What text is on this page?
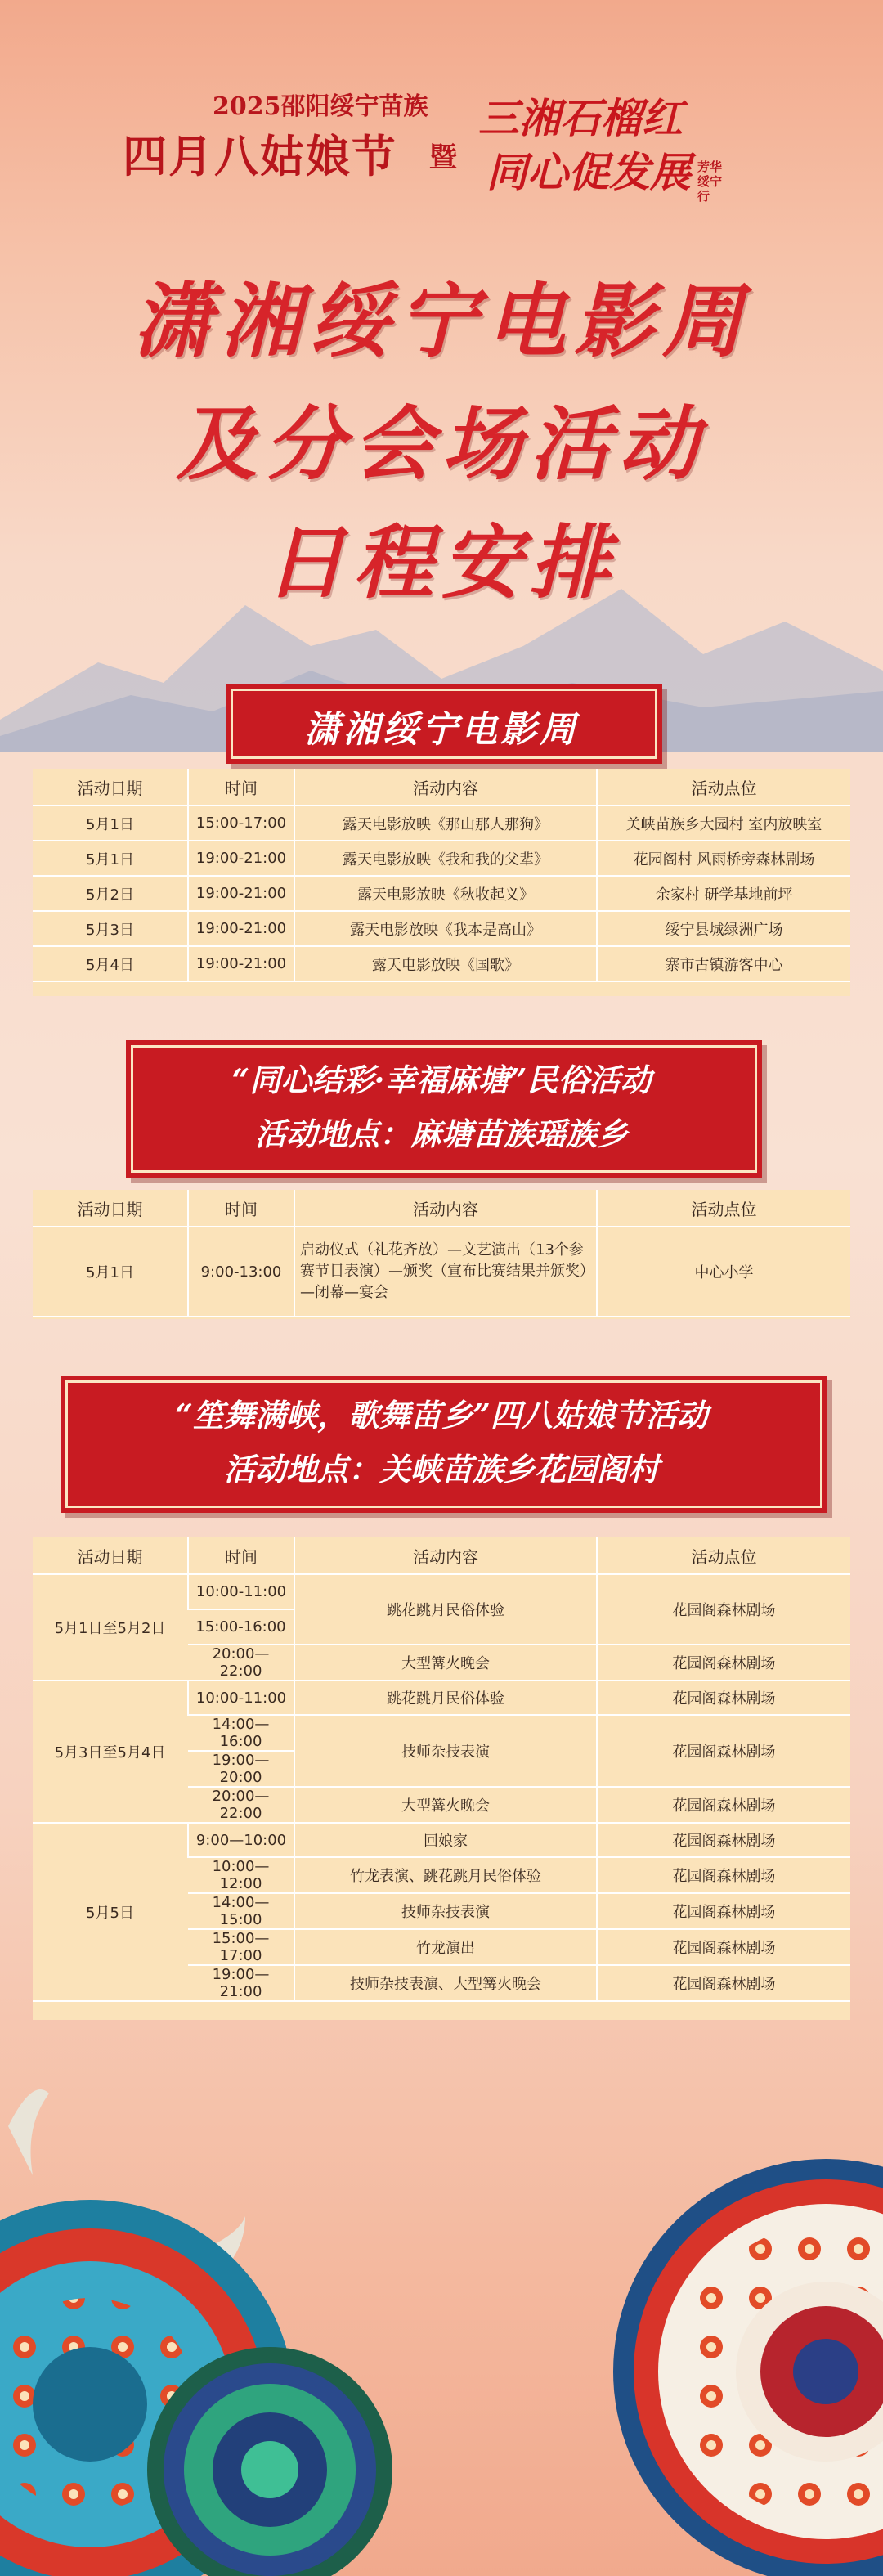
2025邵阳绥宁苗族
四月八姑娘节 暨
三湘石榴红
同心促发展 芳华绥宁行
潇湘绥宁电影周
及分会场活动
日程安排
潇湘绥宁电影周
活动日期	时间	活动内容	活动点位
5月1日	15:00-17:00	露天电影放映《那山那人那狗》	关峡苗族乡大园村 室内放映室
5月1日	19:00-21:00	露天电影放映《我和我的父辈》	花园阁村 风雨桥旁森林剧场
5月2日	19:00-21:00	露天电影放映《秋收起义》	余家村 研学基地前坪
5月3日	19:00-21:00	露天电影放映《我本是高山》	绥宁县城绿洲广场
5月4日	19:00-21:00	露天电影放映《国歌》	寨市古镇游客中心
“同心结彩·幸福麻塘”民俗活动
活动地点：麻塘苗族瑶族乡
活动日期	时间	活动内容	活动点位
5月1日	9:00-13:00	启动仪式（礼花齐放）—文艺演出（13个参赛节目表演）—颁奖（宣布比赛结果并颁奖）—闭幕—宴会	中心小学
“笙舞满峡，歌舞苗乡”四八姑娘节活动
活动地点：关峡苗族乡花园阁村
活动日期	时间	活动内容	活动点位
5月1日至5月2日	10:00-11:00	跳花跳月民俗体验	花园阁森林剧场
	15:00-16:00		
	20:00—22:00	大型篝火晚会	花园阁森林剧场
5月3日至5月4日	10:00-11:00	跳花跳月民俗体验	花园阁森林剧场
	14:00—16:00	技师杂技表演	花园阁森林剧场
	19:00—20:00		
	20:00—22:00	大型篝火晚会	花园阁森林剧场
5月5日	9:00—10:00	回娘家	花园阁森林剧场
	10:00—12:00	竹龙表演、跳花跳月民俗体验	花园阁森林剧场
	14:00—15:00	技师杂技表演	花园阁森林剧场
	15:00—17:00	竹龙演出	花园阁森林剧场
	19:00—21:00	技师杂技表演、大型篝火晚会	花园阁森林剧场
